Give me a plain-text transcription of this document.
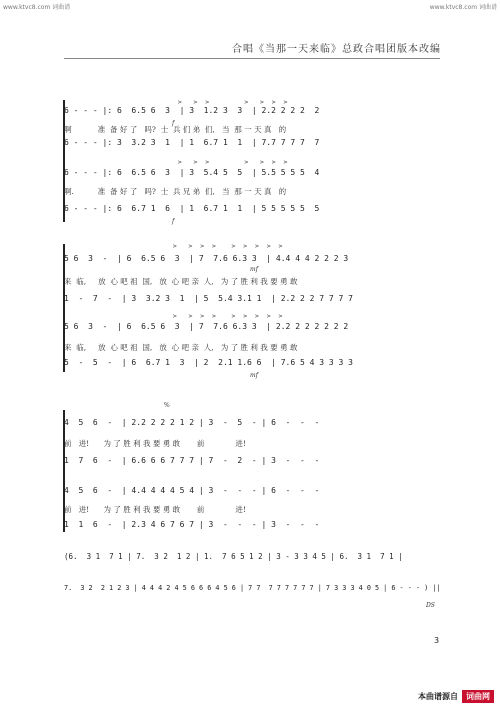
www.ktvc8.com 词曲谱	www.ktvc8.com 词曲谱
合唱《当那一天来临》总政合唱团版本改编
>   >  >         >   >  >  >
6 - - - |: 6  6.5 6  3  | 3  1.2 3  3  | 2.2 2 2 2  2
啊           准  备 好 了   吗?  士  兵 们 弟  们,   当  那 一 天 真   的
f
6 - - - |: 3  3.2 3  1  | 1  6.7 1  1  | 7.7 7 7 7  7
>   >  >         >   >  >  >
6 - - - |: 6  6.5 6  3  | 3  5.4 5  5  | 5.5 5 5 5  4
啊.          准  备 好 了   吗?  士  兵 兄 弟  们,   当  那 一 天 真   的
6 - - - |: 6  6.7 1  6  | 1  6.7 1  1  | 5 5 5 5 5  5
f
>   >  >  >    >  >  >  >  >
5 6  3  -  | 6  6.5 6  3  | 7  7.6 6.3 3  | 4.4 4 4 2 2 2 3
mf
来  临,     放  心 吧 祖  国,   放  心 吧 亲  人,   为 了 胜 利 我 要 勇 敢
1  -  7  -  | 3  3.2 3  1  | 5  5.4 3.1 1  | 2.2 2 2 7 7 7 7
>   >  >  >    >  >  >  >  >
5 6  3  -  | 6  6.5 6  3  | 7  7.6 6.3 3  | 2.2 2 2 2 2 2 2
来  临,     放  心 吧 祖  国,   放  心 吧 亲  人,   为 了 胜 利 我 要 勇 敢
5  -  5  -  | 6  6.7 1  3  | 2  2.1 1.6 6  | 7.6 5 4 3 3 3 3
mf
%
4  5  6  -  | 2.2 2 2 2 1 2 | 3  -  5  - | 6  -  -  -
前   进!      为 了 胜 利 我 要 勇 敢       前             进!
1  7  6  -  | 6.6 6 6 7 7 7 | 7  -  2  - | 3  -  -  -
4  5  6  -  | 4.4 4 4 4 5 4 | 3  -  -  - | 6  -  -  -
前   进!      为 了 胜 利 我 要 勇 敢       前             进!
1  1  6  -  | 2.3 4 6 7 6 7 | 3  -  -  - | 3  -  -  -
(6.  3 1  7 1 | 7.  3 2  1 2 | 1.  7 6 5 1 2 | 3 - 3 3 4 5 | 6.  3 1  7 1 |
7.  3 2  2 1 2 3 | 4 4 4 2 4 5 6 6 6 4 5 6 | 7 7  7 7 7 7 7 7 | 7 3 3 3 4 0 5 | 6 - - - ) ||
DS
3
本曲谱源自	词曲网
